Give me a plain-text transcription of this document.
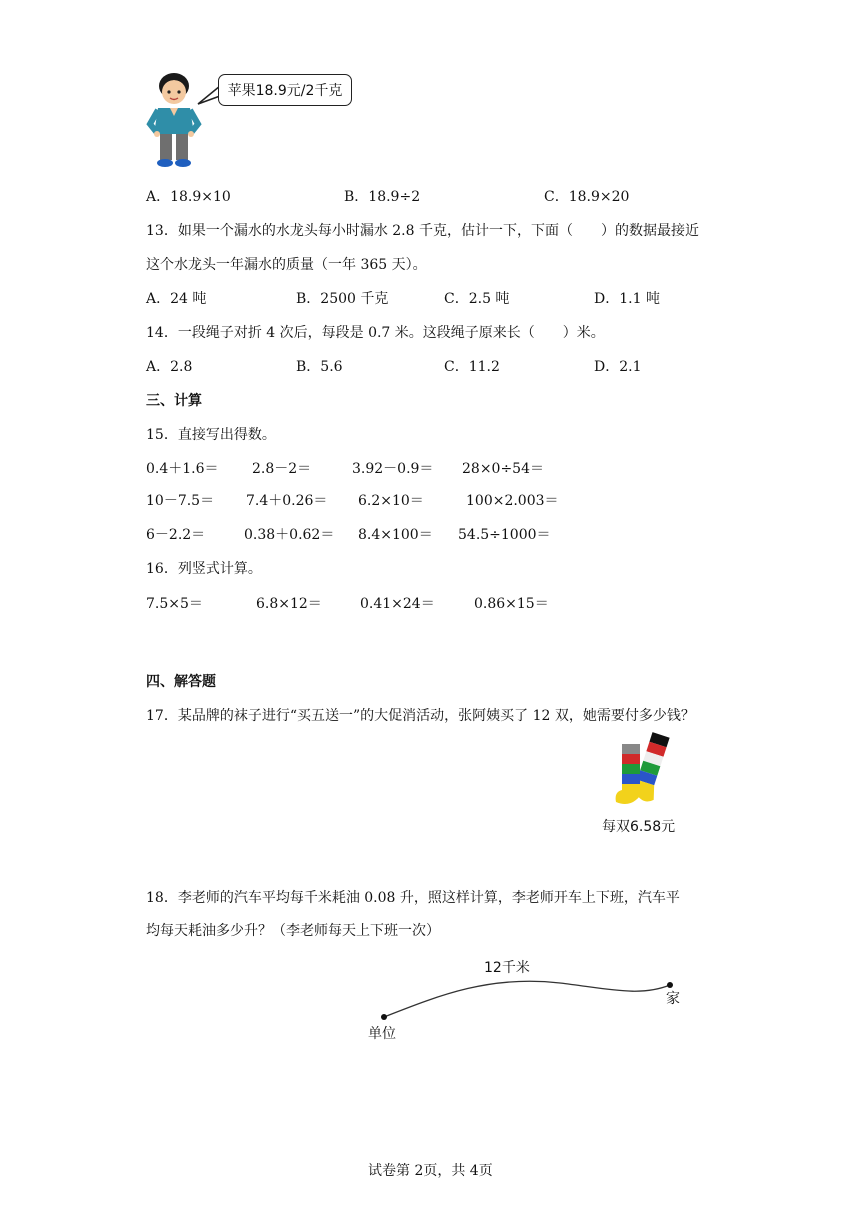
苹果18.9元/2千克
A．18.9×10	B．18.9÷2	C．18.9×20
13．如果一个漏水的水龙头每小时漏水 2.8 千克，估计一下，下面（　　）的数据最接近
这个水龙头一年漏水的质量（一年 365 天）。
A．24 吨	B．2500 千克	C．2.5 吨	D．1.1 吨
14．一段绳子对折 4 次后，每段是 0.7 米。这段绳子原来长（　　）米。
A．2.8	B．5.6	C．11.2	D．2.1
三、计算
15．直接写出得数。
0.4＋1.6＝ 2.8－2＝	3.92－0.9＝ 28×0÷54＝
10－7.5＝ 7.4＋0.26＝ 6.2×10＝	100×2.003＝
6－2.2＝	0.38＋0.62＝ 8.4×100＝ 54.5÷1000＝
16．列竖式计算。
7.5×5＝	6.8×12＝	0.41×24＝	0.86×15＝
四、解答题
17．某品牌的袜子进行“买五送一”的大促消活动，张阿姨买了 12 双，她需要付多少钱？
每双6.58元
18．李老师的汽车平均每千米耗油 0.08 升，照这样计算，李老师开车上下班，汽车平
均每天耗油多少升？（李老师每天上下班一次）
12千米
单位
家
试卷第 2页，共 4页
